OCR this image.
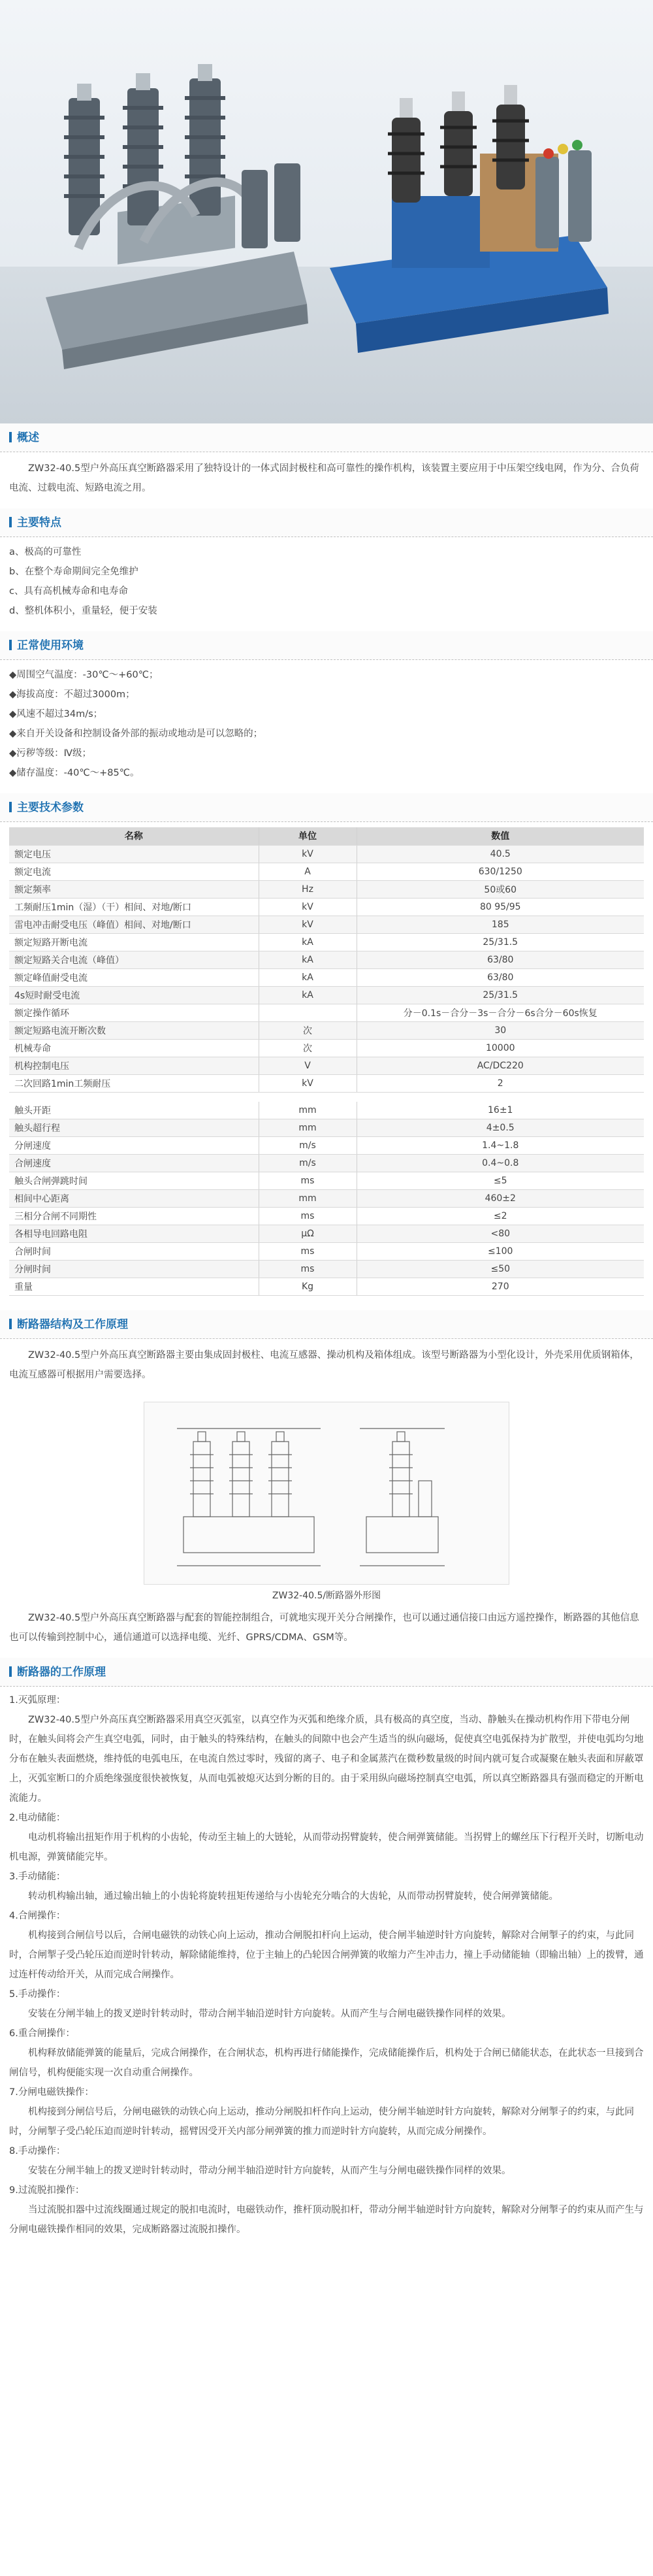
概述
ZW32-40.5型户外高压真空断路器采用了独特设计的一体式固封极柱和高可靠性的操作机构，该装置主要应用于中压架空线电网，作为分、合负荷电流、过载电流、短路电流之用。
主要特点
a、极高的可靠性
b、在整个寿命期间完全免维护
c、具有高机械寿命和电寿命
d、整机体积小，重量轻，便于安装
正常使用环境
◆周围空气温度：-30℃～+60℃；
◆海拔高度：不超过3000m；
◆风速不超过34m/s；
◆来自开关设备和控制设备外部的振动或地动是可以忽略的；
◆污秽等级：Ⅳ级；
◆储存温度：-40℃～+85℃。
主要技术参数
名称	单位	数值
额定电压	kV	40.5
额定电流	A	630/1250
额定频率	Hz	50或60
工频耐压1min（湿）（干）相间、对地/断口	kV	80 95/95
雷电冲击耐受电压（峰值）相间、对地/断口	kV	185
额定短路开断电流	kA	25/31.5
额定短路关合电流（峰值）	kA	63/80
额定峰值耐受电流	kA	63/80
4s短时耐受电流	kA	25/31.5
额定操作循环		分－0.1s－合分－3s－合分－6s合分－60s恢复
额定短路电流开断次数	次	30
机械寿命	次	10000
机构控制电压	V	AC/DC220
二次回路1min工频耐压	kV	2
触头开距	mm	16±1
触头超行程	mm	4±0.5
分闸速度	m/s	1.4~1.8
合闸速度	m/s	0.4~0.8
触头合闸弹跳时间	ms	≤5
相间中心距离	mm	460±2
三相分合闸不同期性	ms	≤2
各相导电回路电阻	μΩ	<80
合闸时间	ms	≤100
分闸时间	ms	≤50
重量	Kg	270
断路器结构及工作原理
ZW32-40.5型户外高压真空断路器主要由集成固封极柱、电流互感器、操动机构及箱体组成。该型号断路器为小型化设计，外壳采用优质钢箱体，电流互感器可根据用户需要选择。
ZW32-40.5/断路器外形图
ZW32-40.5型户外高压真空断路器与配套的智能控制组合，可就地实现开关分合闸操作，也可以通过通信接口由远方遥控操作，断路器的其他信息也可以传输到控制中心，通信通道可以选择电缆、光纤、GPRS/CDMA、GSM等。
断路器的工作原理
1.灭弧原理：
ZW32-40.5型户外高压真空断路器采用真空灭弧室，以真空作为灭弧和绝缘介质，具有极高的真空度，当动、静触头在操动机构作用下带电分闸时，在触头间将会产生真空电弧，同时，由于触头的特殊结构，在触头的间隙中也会产生适当的纵向磁场，促使真空电弧保持为扩散型，并使电弧均匀地分布在触头表面燃烧，维持低的电弧电压，在电流自然过零时，残留的离子、电子和金属蒸汽在微秒数量级的时间内就可复合或凝聚在触头表面和屏蔽罩上，灭弧室断口的介质绝缘强度很快被恢复，从而电弧被熄灭达到分断的目的。由于采用纵向磁场控制真空电弧，所以真空断路器具有强而稳定的开断电流能力。
2.电动储能：
电动机将输出扭矩作用于机构的小齿轮，传动至主轴上的大链轮，从而带动拐臂旋转，使合闸弹簧储能。当拐臂上的螺丝压下行程开关时，切断电动机电源，弹簧储能完毕。
3.手动储能：
转动机构输出轴，通过输出轴上的小齿轮将旋转扭矩传递给与小齿轮充分啮合的大齿轮，从而带动拐臂旋转，使合闸弹簧储能。
4.合闸操作：
机构接到合闸信号以后，合闸电磁铁的动铁心向上运动，推动合闸脱扣杆向上运动，使合闸半轴逆时针方向旋转，解除对合闸掣子的约束，与此同时，合闸掣子受凸轮压迫而逆时针转动，解除储能维持，位于主轴上的凸轮因合闸弹簧的收缩力产生冲击力，撞上手动储能轴（即输出轴）上的拨臂，通过连杆传动给开关，从而完成合闸操作。
5.手动操作：
安装在分闸半轴上的拨叉逆时针转动时，带动合闸半轴沿逆时针方向旋转。从而产生与合闸电磁铁操作同样的效果。
6.重合闸操作：
机构释放储能弹簧的能量后，完成合闸操作，在合闸状态，机构再进行储能操作，完成储能操作后，机构处于合闸已储能状态，在此状态一旦接到合闸信号，机构便能实现一次自动重合闸操作。
7.分闸电磁铁操作：
机构接到分闸信号后，分闸电磁铁的动铁心向上运动，推动分闸脱扣杆作向上运动，使分闸半轴逆时针方向旋转，解除对分闸掣子的约束，与此同时，分闸掣子受凸轮压迫而逆时针转动，摇臂因受开关内部分闸弹簧的推力而逆时针方向旋转，从而完成分闸操作。
8.手动操作：
安装在分闸半轴上的拨叉逆时针转动时，带动分闸半轴沿逆时针方向旋转，从而产生与分闸电磁铁操作同样的效果。
9.过流脱扣操作：
当过流脱扣器中过流线圈通过规定的脱扣电流时，电磁铁动作，推杆顶动脱扣杆，带动分闸半轴逆时针方向旋转，解除对分闸掣子的约束从而产生与分闸电磁铁操作相同的效果，完成断路器过流脱扣操作。
